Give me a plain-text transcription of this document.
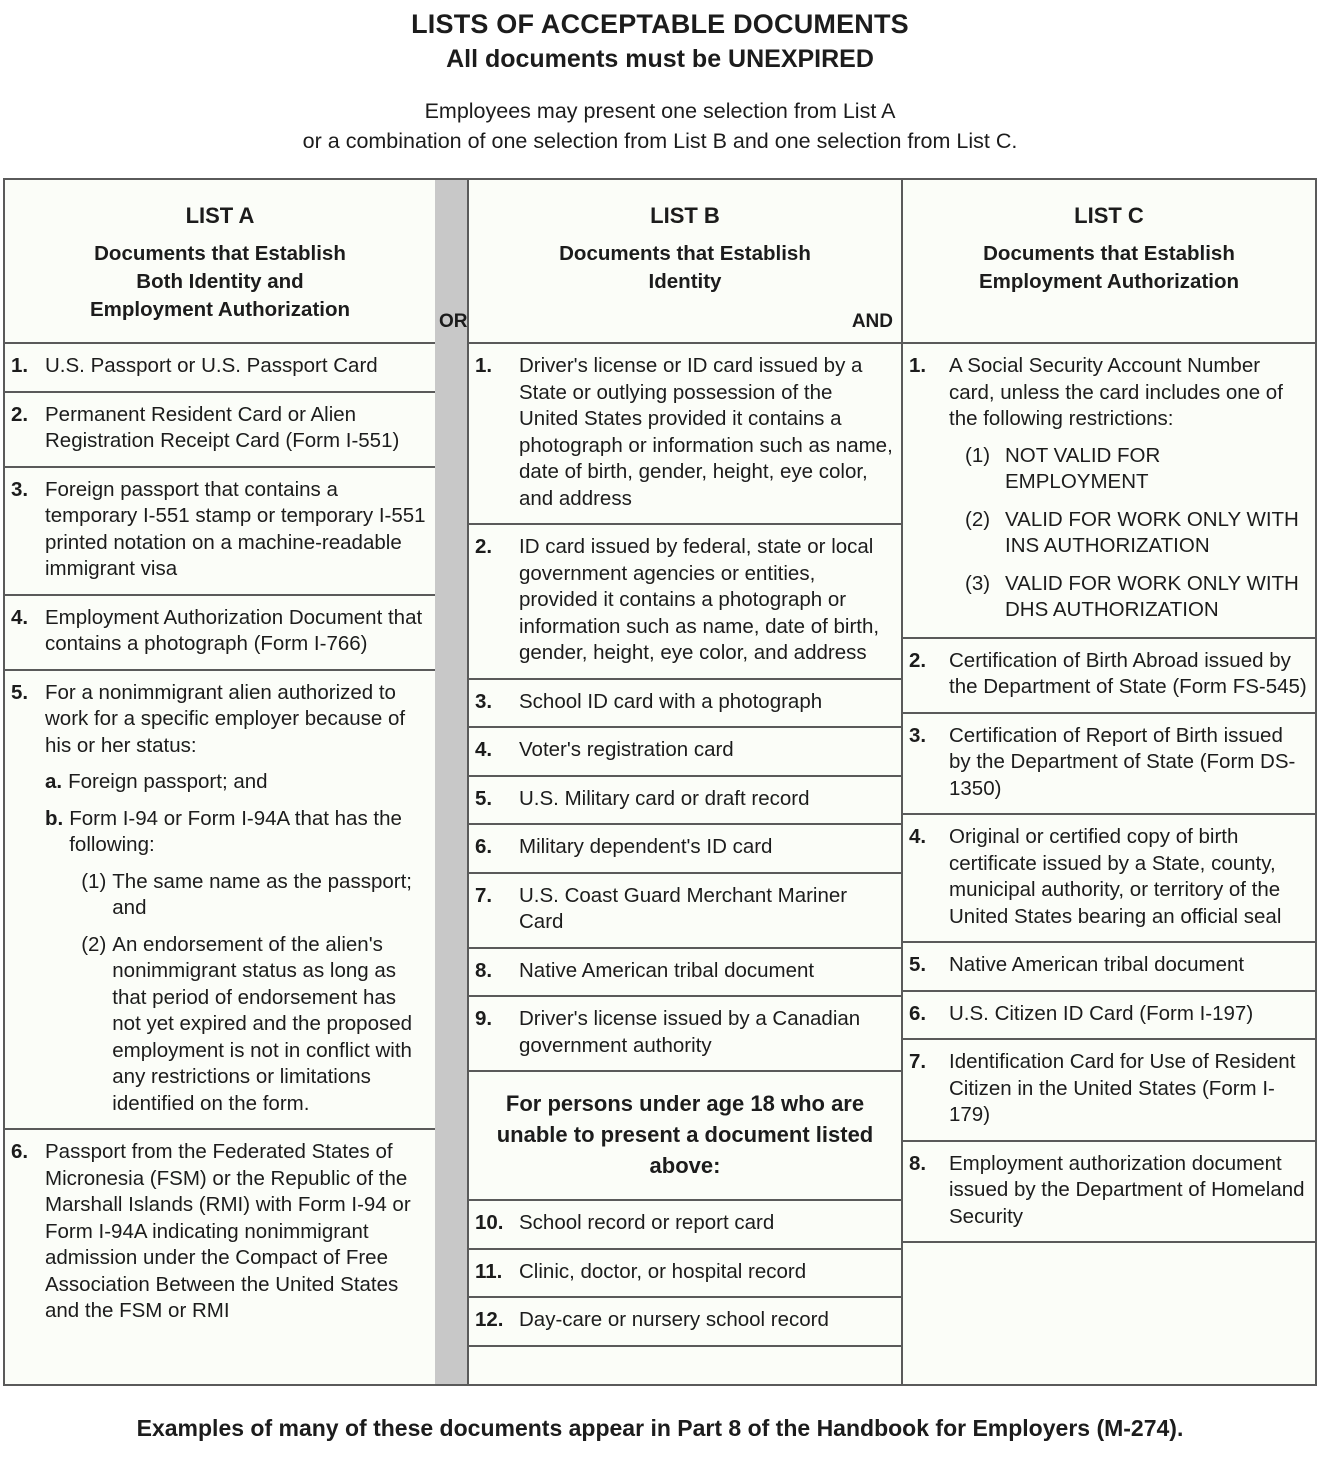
LISTS OF ACCEPTABLE DOCUMENTS
All documents must be UNEXPIRED
Employees may present one selection from List A
or a combination of one selection from List B and one selection from List C.
LIST A
Documents that Establish
Both Identity and
Employment Authorization
1. U.S. Passport or U.S. Passport Card
2. Permanent Resident Card or Alien Registration Receipt Card (Form I-551)
3. Foreign passport that contains a temporary I-551 stamp or temporary I-551 printed notation on a machine-readable immigrant visa
4. Employment Authorization Document that contains a photograph (Form I-766)
5. For a nonimmigrant alien authorized to work for a specific employer because of his or her status:
a. Foreign passport; and
b. Form I-94 or Form I-94A that has the following:
(1) The same name as the passport; and
(2) An endorsement of the alien's nonimmigrant status as long as that period of endorsement has not yet expired and the proposed employment is not in conflict with any restrictions or limitations identified on the form.
6. Passport from the Federated States of Micronesia (FSM) or the Republic of the Marshall Islands (RMI) with Form I-94 or Form I-94A indicating nonimmigrant admission under the Compact of Free Association Between the United States and the FSM or RMI
OR
LIST B
Documents that Establish
Identity
AND
1.	Driver's license or ID card issued by a State or outlying possession of the United States provided it contains a photograph or information such as name, date of birth, gender, height, eye color, and address
2.	ID card issued by federal, state or local government agencies or entities, provided it contains a photograph or information such as name, date of birth, gender, height, eye color, and address
3.	School ID card with a photograph
4.	Voter's registration card
5.	U.S. Military card or draft record
6.	Military dependent's ID card
7.	U.S. Coast Guard Merchant Mariner Card
8.	Native American tribal document
9.	Driver's license issued by a Canadian government authority
For persons under age 18 who are unable to present a document listed above:
10. School record or report card
11. Clinic, doctor, or hospital record
12. Day-care or nursery school record
LIST C
Documents that Establish
Employment Authorization
1.	A Social Security Account Number card, unless the card includes one of the following restrictions:
(1) NOT VALID FOR EMPLOYMENT
(2) VALID FOR WORK ONLY WITH INS AUTHORIZATION
(3) VALID FOR WORK ONLY WITH DHS AUTHORIZATION
2.	Certification of Birth Abroad issued by the Department of State (Form FS-545)
3.	Certification of Report of Birth issued by the Department of State (Form DS-1350)
4.	Original or certified copy of birth certificate issued by a State, county, municipal authority, or territory of the United States bearing an official seal
5.	Native American tribal document
6.	U.S. Citizen ID Card (Form I-197)
7.	Identification Card for Use of Resident Citizen in the United States (Form I-179)
8.	Employment authorization document issued by the Department of Homeland Security
Examples of many of these documents appear in Part 8 of the Handbook for Employers (M-274).
